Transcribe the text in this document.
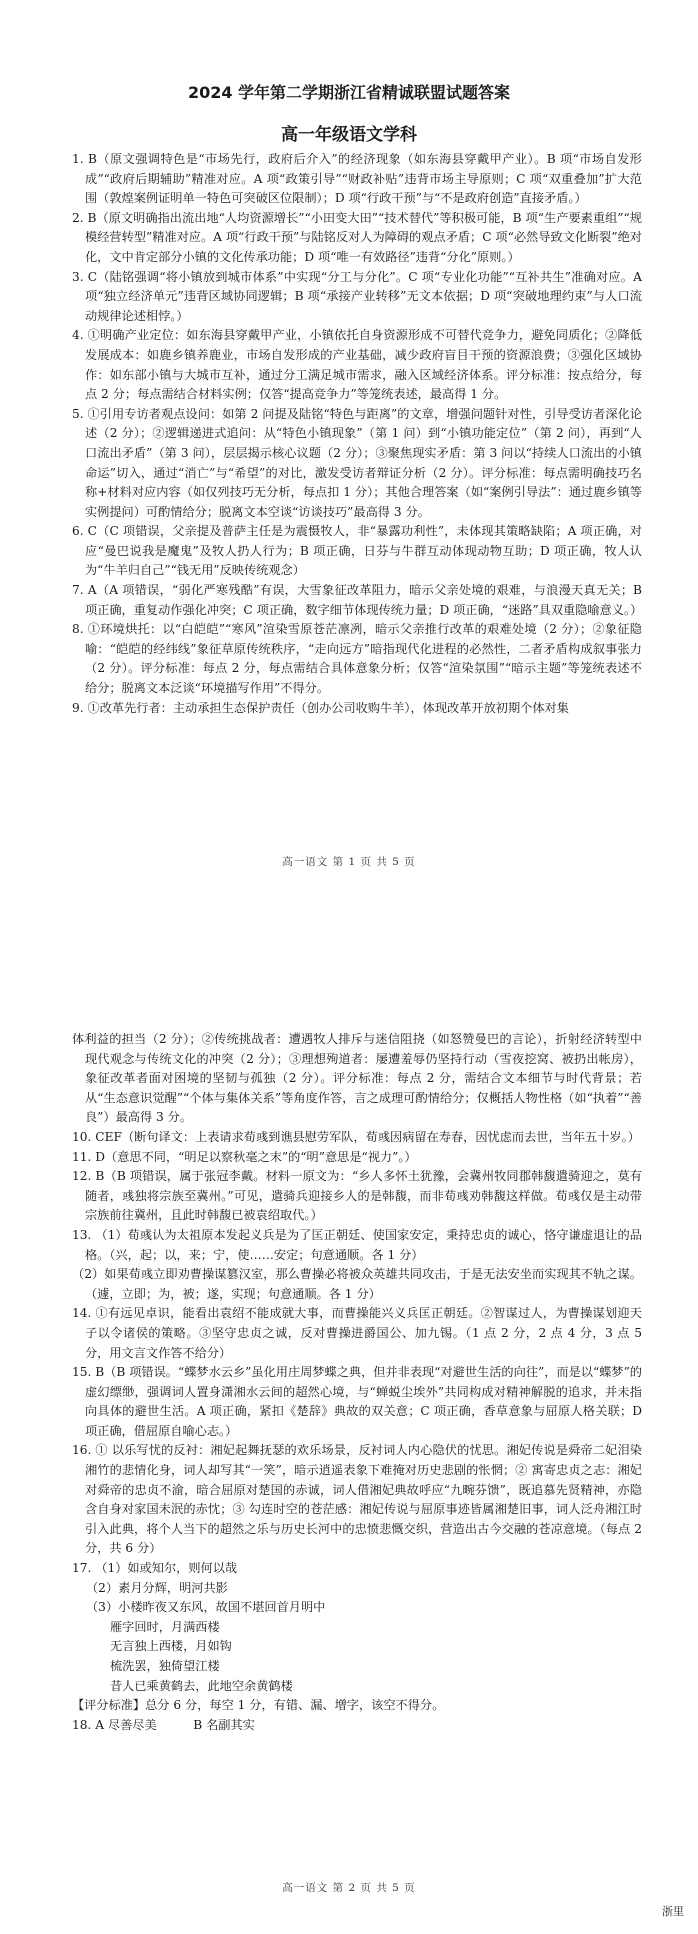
2024 学年第二学期浙江省精诚联盟试题答案
高一年级语文学科

1. B（原文强调特色是“市场先行，政府后介入”的经济现象（如东海县穿戴甲产业）。B 项“市场自发形成”“政府后期辅助”精准对应。A 项“政策引导”“财政补贴”违背市场主导原则；C 项“双重叠加”扩大范围（敦煌案例证明单一特色可突破区位限制）；D 项“行政干预”与“不是政府创造”直接矛盾。）

2. B（原文明确指出流出地“人均资源增长”“小田变大田”“技术替代”等积极可能，B 项“生产要素重组”“规模经营转型”精准对应。A 项“行政干预”与陆铭反对人为障碍的观点矛盾；C 项“必然导致文化断裂”绝对化，文中肯定部分小镇的文化传承功能；D 项“唯一有效路径”违背“分化”原则。）

3. C（陆铭强调“将小镇放到城市体系”中实现“分工与分化”。C 项“专业化功能”“互补共生”准确对应。A 项“独立经济单元”违背区域协同逻辑；B 项“承接产业转移”无文本依据；D 项“突破地理约束”与人口流动规律论述相悖。）

4. ①明确产业定位：如东海县穿戴甲产业，小镇依托自身资源形成不可替代竞争力，避免同质化；②降低发展成本：如鹿乡镇养鹿业，市场自发形成的产业基础，减少政府盲目干预的资源浪费；③强化区域协作：如东部小镇与大城市互补，通过分工满足城市需求，融入区域经济体系。评分标准：按点给分，每点 2 分；每点需结合材料实例；仅答“提高竞争力”等笼统表述，最高得 1 分。

5. ①引用专访者观点设问：如第 2 问提及陆铭“特色与距离”的文章，增强问题针对性，引导受访者深化论述（2 分）；②逻辑递进式追问：从“特色小镇现象”（第 1 问）到“小镇功能定位”（第 2 问），再到“人口流出矛盾”（第 3 问），层层揭示核心议题（2 分）；③聚焦现实矛盾：第 3 问以“持续人口流出的小镇命运”切入，通过“消亡”与“希望”的对比，激发受访者辩证分析（2 分）。评分标准：每点需明确技巧名称+材料对应内容（如仅列技巧无分析，每点扣 1 分）；其他合理答案（如“案例引导法”：通过鹿乡镇等实例提问）可酌情给分；脱离文本空谈“访谈技巧”最高得 3 分。

6. C（C 项错误，父亲提及普萨主任是为震慑牧人，非“暴露功利性”，未体现其策略缺陷；A 项正确，对应“曼巴说我是魔鬼”及牧人扔人行为；B 项正确，日芬与牛群互动体现动物互助；D 项正确，牧人认为“牛羊归自己”“钱无用”反映传统观念）

7. A（A 项错误，“弱化严寒残酷”有误，大雪象征改革阻力，暗示父亲处境的艰难，与浪漫天真无关；B 项正确，重复动作强化冲突；C 项正确，数字细节体现传统力量；D 项正确，“迷路”具双重隐喻意义。）

8. ①环境烘托：以“白皑皑”“寒风”渲染雪原苍茫凛冽，暗示父亲推行改革的艰难处境（2 分）；②象征隐喻：“皑皑的经纬线”象征草原传统秩序，“走向远方”暗指现代化进程的必然性，二者矛盾构成叙事张力（2 分）。评分标准：每点 2 分，每点需结合具体意象分析；仅答“渲染氛围”“暗示主题”等笼统表述不给分；脱离文本泛谈“环境描写作用”不得分。

9. ①改革先行者：主动承担生态保护责任（创办公司收购牛羊），体现改革开放初期个体对集

高一语文 第 1 页 共 5 页

体利益的担当（2 分）；②传统挑战者：遭遇牧人排斥与迷信阻挠（如怒赞曼巴的言论），折射经济转型中现代观念与传统文化的冲突（2 分）；③理想殉道者：屡遭羞辱仍坚持行动（雪夜挖窝、被扔出帐房），象征改革者面对困境的坚韧与孤独（2 分）。评分标准：每点 2 分，需结合文本细节与时代背景；若从“生态意识觉醒”“个体与集体关系”等角度作答，言之成理可酌情给分；仅概括人物性格（如“执着”“善良”）最高得 3 分。

10. CEF（断句译文：上表请求荀彧到谯县慰劳军队，荀彧因病留在寿春，因忧虑而去世，当年五十岁。）

11. D（意思不同，“明足以察秋毫之末”的“明”意思是“视力”。）

12. B（B 项错误，属于张冠李戴。材料一原文为：“乡人多怀土犹豫，会冀州牧同郡韩馥遣骑迎之，莫有随者，彧独将宗族至冀州。”可见，遣骑兵迎接乡人的是韩馥，而非荀彧劝韩馥这样做。荀彧仅是主动带宗族前往冀州，且此时韩馥已被袁绍取代。）

13. （1）荀彧认为太祖原本发起义兵是为了匡正朝廷、使国家安定，秉持忠贞的诚心，恪守谦虚退让的品格。（兴，起；以，来；宁，使……安定；句意通顺。各 1 分）

（2）如果荀彧立即劝曹操谋篡汉室，那么曹操必将被众英雄共同攻击，于是无法安坐而实现其不轨之谋。（遽，立即；为，被；遂，实现；句意通顺。各 1 分）

14. ①有远见卓识，能看出袁绍不能成就大事，而曹操能兴义兵匡正朝廷。②智谋过人，为曹操谋划迎天子以令诸侯的策略。③坚守忠贞之诚，反对曹操进爵国公、加九锡。（1 点 2 分，2 点 4 分，3 点 5 分，用文言文作答不给分）

15. B（B 项错误。“蝶梦水云乡”虽化用庄周梦蝶之典，但并非表现“对避世生活的向往”，而是以“蝶梦”的虚幻缥缈，强调词人置身潇湘水云间的超然心境，与“蝉蜕尘埃外”共同构成对精神解脱的追求，并未指向具体的避世生活。A 项正确，紧扣《楚辞》典故的双关意；C 项正确，香草意象与屈原人格关联；D 项正确，借屈原自喻心志。）

16. ① 以乐写忧的反衬：湘妃起舞抚瑟的欢乐场景，反衬词人内心隐伏的忧思。湘妃传说是舜帝二妃泪染湘竹的悲情化身，词人却写其“一笑”，暗示逍遥表象下难掩对历史悲剧的怅惘；② 寓寄忠贞之志：湘妃对舜帝的忠贞不渝，暗合屈原对楚国的赤诚，词人借湘妃典故呼应“九畹芬馈”，既追慕先贤精神，亦隐含自身对家国未泯的赤忱；③ 勾连时空的苍茫感：湘妃传说与屈原事迹皆属湘楚旧事，词人泛舟湘江时引入此典，将个人当下的超然之乐与历史长河中的忠愤悲慨交织，营造出古今交融的苍凉意境。（每点 2 分，共 6 分）

17. （1）如或知尔，则何以哉

（2）素月分辉，明河共影

（3）小楼昨夜又东风，故国不堪回首月明中

雁字回时，月满西楼

无言独上西楼，月如钩

梳洗罢，独倚望江楼

昔人已乘黄鹤去，此地空余黄鹤楼

【评分标准】总分 6 分，每空 1 分，有错、漏、增字，该空不得分。

18. A 尽善尽美　　　B 名副其实

高一语文 第 2 页 共 5 页
浙里
